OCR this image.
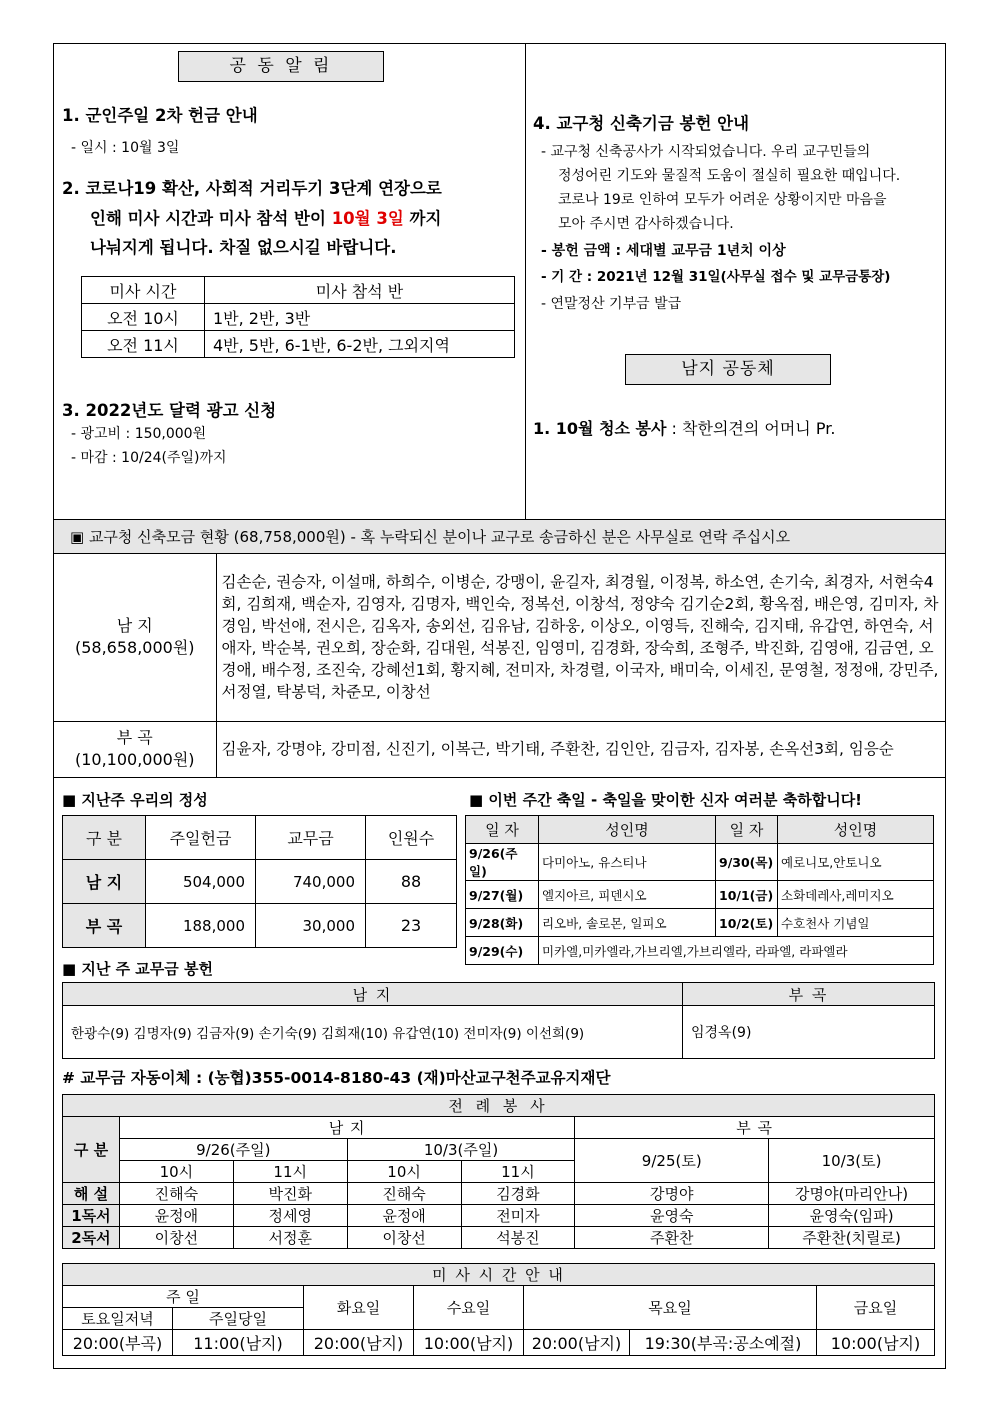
공 동 알 림
1. 군인주일 2차 헌금 안내
- 일시 : 10월 3일
2. 코로나19 확산, 사회적 거리두기 3단계 연장으로
인해 미사 시간과 미사 참석 반이 10월 3일 까지
나눠지게 됩니다. 차질 없으시길 바랍니다.
미사 시간	미사 참석 반
오전 10시	1반, 2반, 3반
오전 11시	4반, 5반, 6-1반, 6-2반, 그외지역
3. 2022년도 달력 광고 신청
- 광고비 : 150,000원
- 마감 : 10/24(주일)까지
4. 교구청 신축기금 봉헌 안내
- 교구청 신축공사가 시작되었습니다. 우리 교구민들의
정성어린 기도와 물질적 도움이 절실히 필요한 때입니다.
코로나 19로 인하여 모두가 어려운 상황이지만 마음을
모아 주시면 감사하겠습니다.
- 봉헌 금액 : 세대별 교무금 1년치 이상
- 기 간 : 2021년 12월 31일(사무실 접수 및 교무금통장)
- 연말정산 기부금 발급
남지 공동체
1. 10월 청소 봉사 : 착한의견의 어머니 Pr.
▣ 교구청 신축모금 현황 (68,758,000원) - 혹 누락되신 분이나 교구로 송금하신 분은 사무실로 연락 주십시오
남 지
(58,658,000원)	김손순, 권승자, 이설매, 하희수, 이병순, 강맹이, 윤길자, 최경월, 이정복, 하소연, 손기숙, 최경자, 서현숙4회, 김희재, 백순자, 김영자, 김명자, 백인숙, 정복선, 이창석, 정양숙 김기순2회, 황옥점, 배은영, 김미자, 차경임, 박선애, 전시은, 김옥자, 송외선, 김유남, 김하웅, 이상오, 이영득, 진해숙, 김지태, 유갑연, 하연숙, 서애자, 박순복, 권오희, 장순화, 김대원, 석봉진, 임영미, 김경화, 장숙희, 조형주, 박진화, 김영애, 김금연, 오경애, 배수정, 조진숙, 강혜선1회, 황지혜, 전미자, 차경렬, 이국자, 배미숙, 이세진, 문영철, 정정애, 강민주, 서정열, 탁봉덕, 차준모, 이창선
부 곡
(10,100,000원)	김윤자, 강명야, 강미점, 신진기, 이복근, 박기태, 주환찬, 김인안, 김금자, 김자봉, 손옥선3회, 임응순
■ 지난주 우리의 정성
구 분	주일헌금	교무금	인원수
남 지	504,000	740,000	88
부 곡	188,000	30,000	23
■ 이번 주간 축일 - 축일을 맞이한 신자 여러분 축하합니다!
일 자	성인명	일 자	성인명
9/26(주일)	다미아노, 유스티나	9/30(목)	예로니모,안토니오
9/27(월)	엘지아르, 피덴시오	10/1(금)	소화데레사,레미지오
9/28(화)	리오바, 솔로몬, 일피오	10/2(토)	수호천사 기념일
9/29(수)	미카엘,미카엘라,가브리엘,가브리엘라, 라파엘, 라파엘라		
■ 지난 주 교무금 봉헌
남 지	부 곡
한광수(9) 김명자(9) 김금자(9) 손기숙(9) 김희재(10) 유갑연(10) 전미자(9) 이선희(9)	임경옥(9)
# 교무금 자동이체 : (농협)355-0014-8180-43 (재)마산교구천주교유지재단
전 례 봉 사						
구 분	남 지				부 곡	
	9/26(주일)		10/3(주일)		9/25(토)	10/3(토)
	10시	11시	10시	11시		
해 설	진해숙	박진화	진해숙	김경화	강명야	강명야(마리안나)
1독서	윤정애	정세영	윤정애	전미자	윤영숙	윤영숙(임파)
2독서	이창선	서정훈	이창선	석봉진	주환찬	주환찬(치릴로)
미 사 시 간 안 내						
주 일		화요일	수요일	목요일		금요일
토요일저녁	주일당일					
20:00(부곡)	11:00(남지)	20:00(남지)	10:00(남지)	20:00(남지)	19:30(부곡:공소예절)	10:00(남지)
